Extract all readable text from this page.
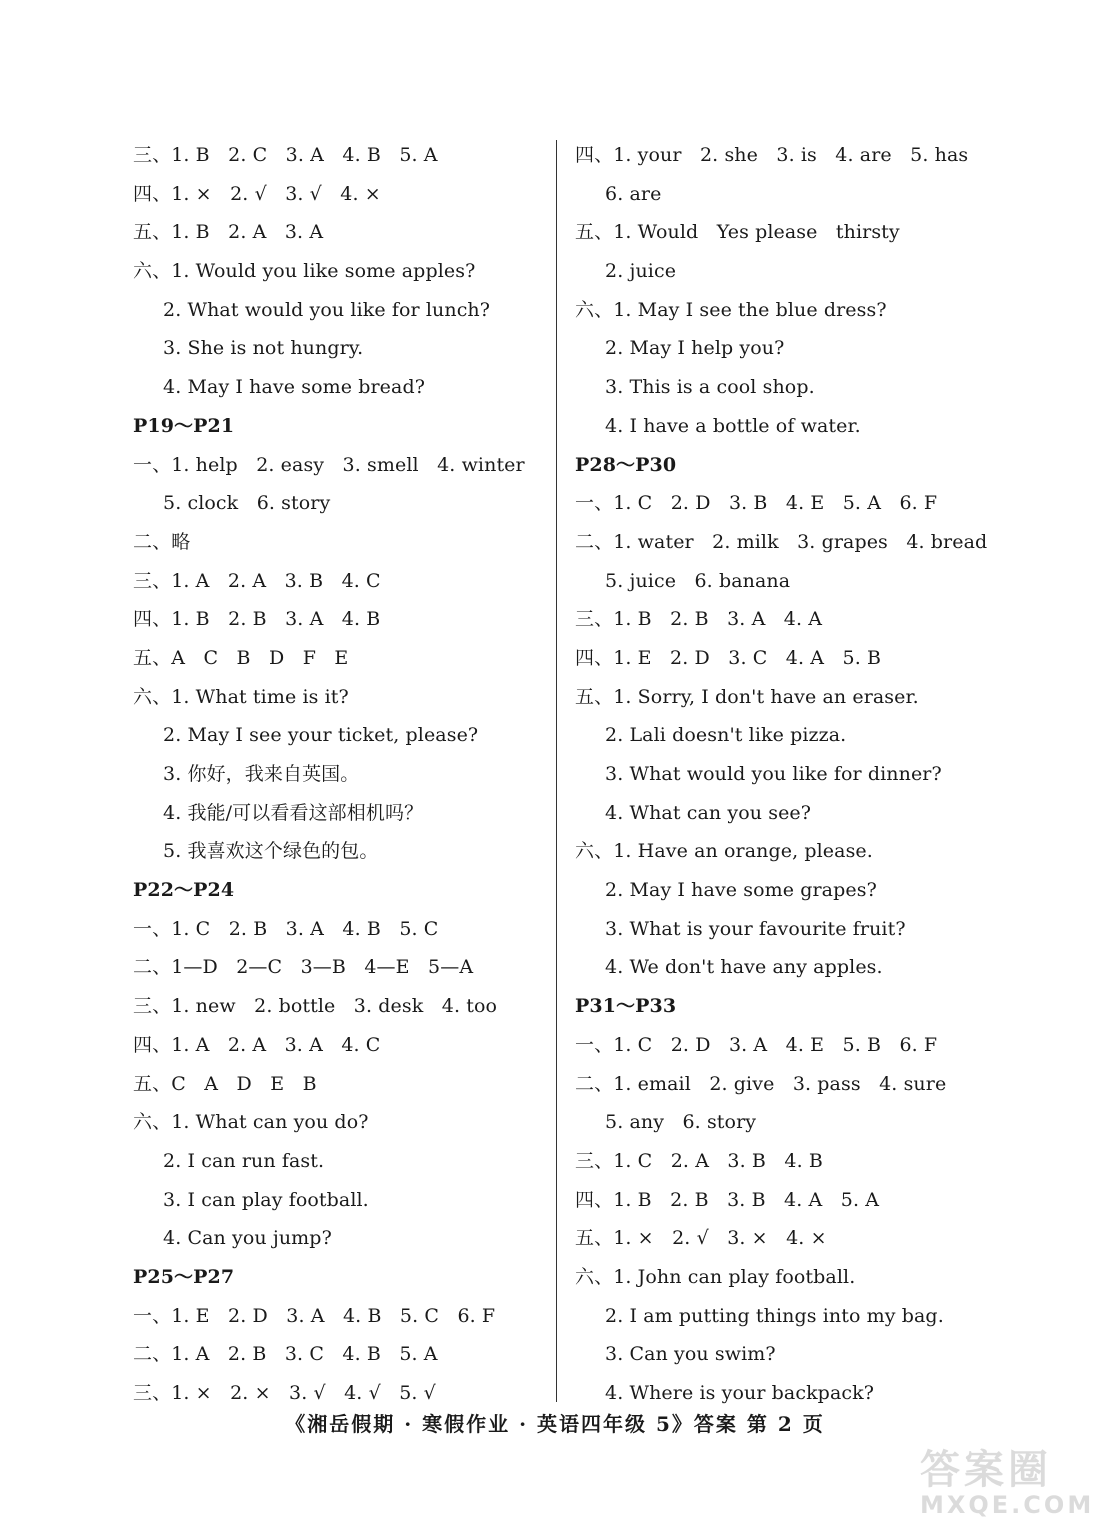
三、1. B   2. C   3. A   4. B   5. A
四、1. ×   2. √   3. √   4. ×
五、1. B   2. A   3. A
六、1. Would you like some apples?
2. What would you like for lunch?
3. She is not hungry.
4. May I have some bread?
P19～P21
一、1. help   2. easy   3. smell   4. winter
5. clock   6. story
二、略
三、1. A   2. A   3. B   4. C
四、1. B   2. B   3. A   4. B
五、A   C   B   D   F   E
六、1. What time is it?
2. May I see your ticket, please?
3. 你好，我来自英国。
4. 我能/可以看看这部相机吗？
5. 我喜欢这个绿色的包。
P22～P24
一、1. C   2. B   3. A   4. B   5. C
二、1—D   2—C   3—B   4—E   5—A
三、1. new   2. bottle   3. desk   4. too
四、1. A   2. A   3. A   4. C
五、C   A   D   E   B
六、1. What can you do?
2. I can run fast.
3. I can play football.
4. Can you jump?
P25～P27
一、1. E   2. D   3. A   4. B   5. C   6. F
二、1. A   2. B   3. C   4. B   5. A
三、1. ×   2. ×   3. √   4. √   5. √
四、1. your   2. she   3. is   4. are   5. has
6. are
五、1. Would   Yes please   thirsty
2. juice
六、1. May I see the blue dress?
2. May I help you?
3. This is a cool shop.
4. I have a bottle of water.
P28～P30
一、1. C   2. D   3. B   4. E   5. A   6. F
二、1. water   2. milk   3. grapes   4. bread
5. juice   6. banana
三、1. B   2. B   3. A   4. A
四、1. E   2. D   3. C   4. A   5. B
五、1. Sorry, I don't have an eraser.
2. Lali doesn't like pizza.
3. What would you like for dinner?
4. What can you see?
六、1. Have an orange, please.
2. May I have some grapes?
3. What is your favourite fruit?
4. We don't have any apples.
P31～P33
一、1. C   2. D   3. A   4. E   5. B   6. F
二、1. email   2. give   3. pass   4. sure
5. any   6. story
三、1. C   2. A   3. B   4. B
四、1. B   2. B   3. B   4. A   5. A
五、1. ×   2. √   3. ×   4. ×
六、1. John can play football.
2. I am putting things into my bag.
3. Can you swim?
4. Where is your backpack?
《湘岳假期 · 寒假作业 · 英语四年级 5》答案 第 2 页
答案圈
MXQE.COM
